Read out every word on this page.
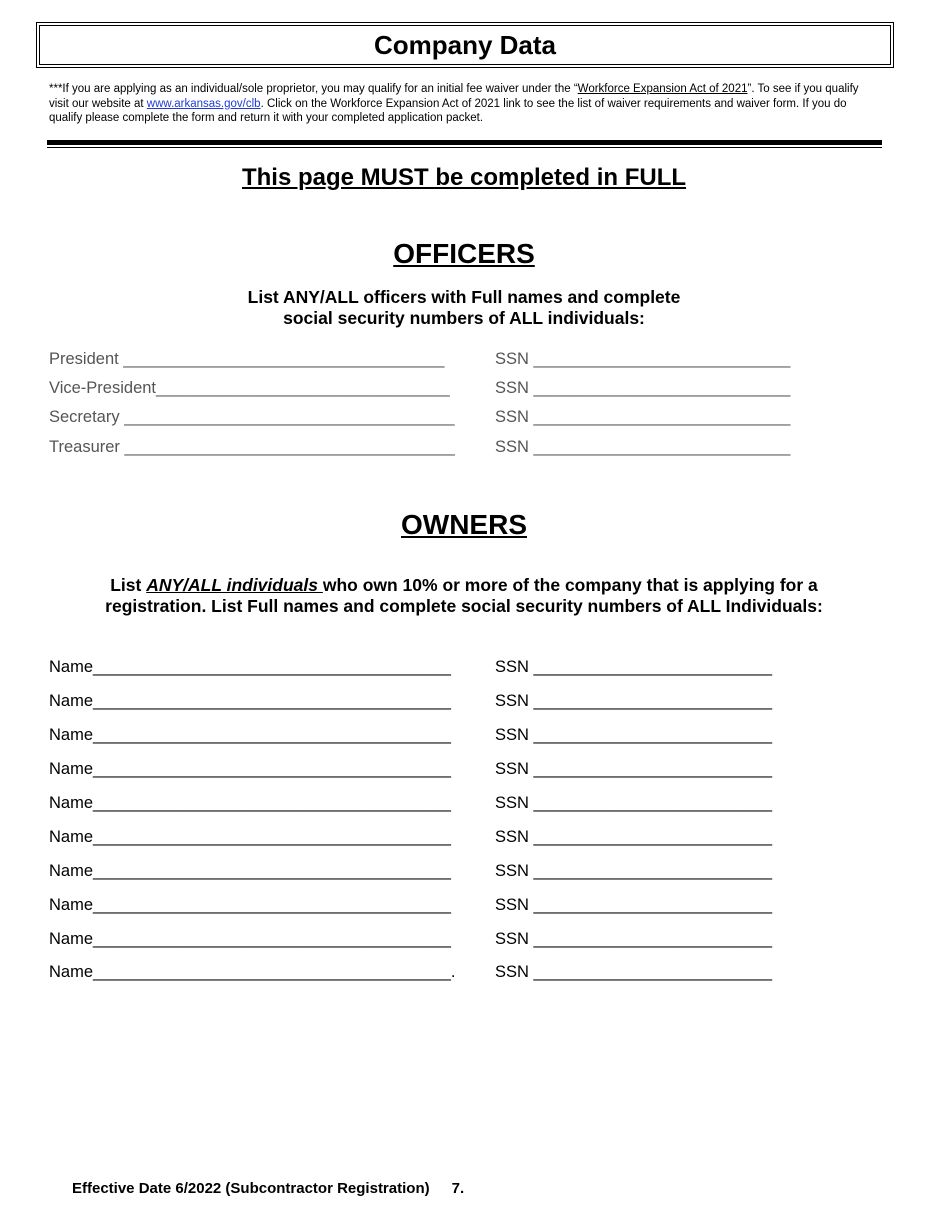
Company Data
***If you are applying as an individual/sole proprietor, you may qualify for an initial fee waiver under the “Workforce Expansion Act of 2021”. To see if you qualify visit our website at www.arkansas.gov/clb. Click on the Workforce Expansion Act of 2021 link to see the list of waiver requirements and waiver form. If you do qualify please complete the form and return it with your completed application packet.
This page MUST be completed in FULL
OFFICERS
List ANY/ALL officers with Full names and complete
social security numbers of ALL individuals:
President ___________________________________	SSN ____________________________
Vice-President________________________________	SSN ____________________________
Secretary ____________________________________ SSN ____________________________
Treasurer ____________________________________ SSN ____________________________
OWNERS
List ANY/ALL individuals who own 10% or more of the company that is applying for a
registration. List Full names and complete social security numbers of ALL Individuals:
Name_______________________________________	SSN __________________________
Name_______________________________________	SSN __________________________
Name_______________________________________	SSN __________________________
Name_______________________________________	SSN __________________________
Name_______________________________________	SSN __________________________
Name_______________________________________	SSN __________________________
Name_______________________________________	SSN __________________________
Name_______________________________________	SSN __________________________
Name_______________________________________	SSN __________________________
Name_______________________________________. SSN __________________________
Effective Date 6/2022 (Subcontractor Registration) 7.
